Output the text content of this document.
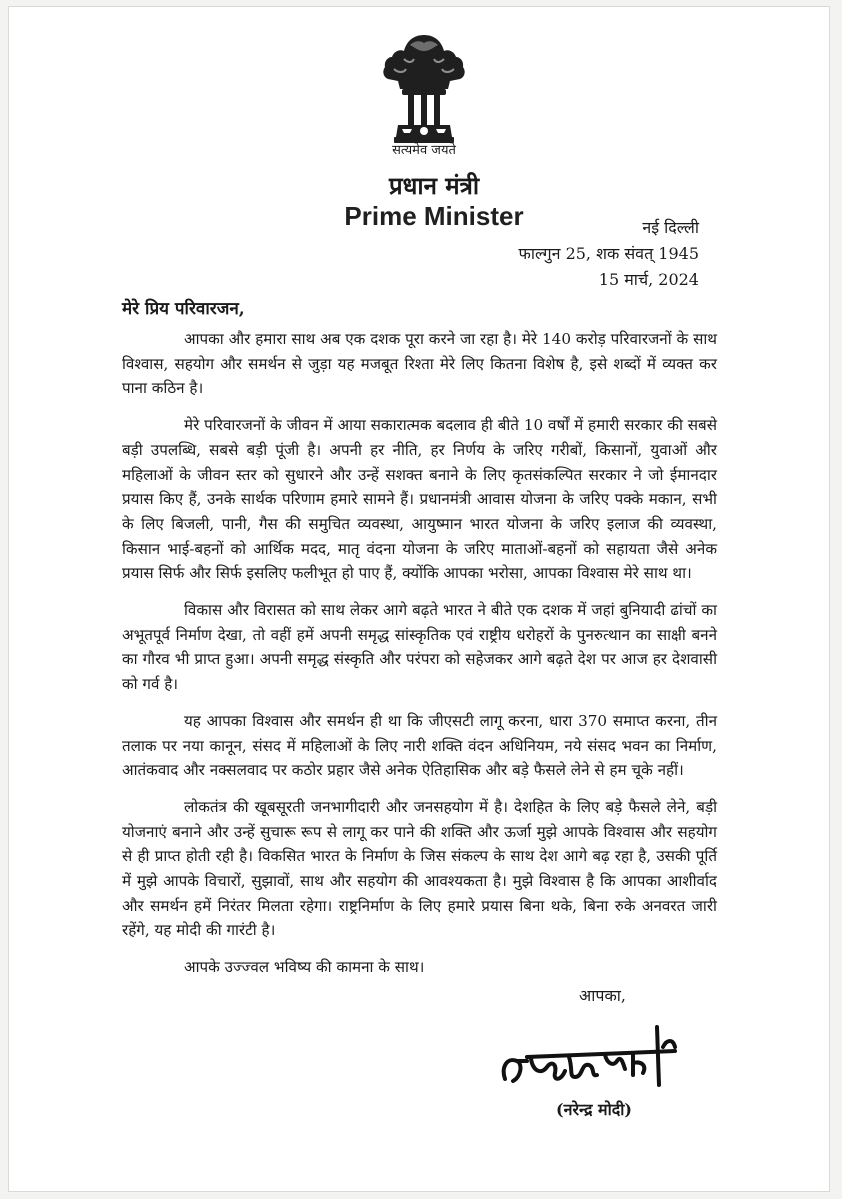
सत्यमेव जयते
प्रधान मंत्री
Prime Minister	नई दिल्ली
फाल्गुन 25, शक संवत् 1945
15 मार्च, 2024
मेरे प्रिय परिवारजन,

आपका और हमारा साथ अब एक दशक पूरा करने जा रहा है। मेरे 140 करोड़ परिवारजनों के साथ विश्वास, सहयोग और समर्थन से जुड़ा यह मजबूत रिश्ता मेरे लिए कितना विशेष है, इसे शब्दों में व्यक्त कर पाना कठिन है।

मेरे परिवारजनों के जीवन में आया सकारात्मक बदलाव ही बीते 10 वर्षों में हमारी सरकार की सबसे बड़ी उपलब्धि, सबसे बड़ी पूंजी है। अपनी हर नीति, हर निर्णय के जरिए गरीबों, किसानों, युवाओं और महिलाओं के जीवन स्तर को सुधारने और उन्हें सशक्त बनाने के लिए कृतसंकल्पित सरकार ने जो ईमानदार प्रयास किए हैं, उनके सार्थक परिणाम हमारे सामने हैं। प्रधानमंत्री आवास योजना के जरिए पक्के मकान, सभी के लिए बिजली, पानी, गैस की समुचित व्यवस्था, आयुष्मान भारत योजना के जरिए इलाज की व्यवस्था, किसान भाई-बहनों को आर्थिक मदद, मातृ वंदना योजना के जरिए माताओं-बहनों को सहायता जैसे अनेक प्रयास सिर्फ और सिर्फ इसलिए फलीभूत हो पाए हैं, क्योंकि आपका भरोसा, आपका विश्वास मेरे साथ था।

विकास और विरासत को साथ लेकर आगे बढ़ते भारत ने बीते एक दशक में जहां बुनियादी ढांचों का अभूतपूर्व निर्माण देखा, तो वहीं हमें अपनी समृद्ध सांस्कृतिक एवं राष्ट्रीय धरोहरों के पुनरुत्थान का साक्षी बनने का गौरव भी प्राप्त हुआ। अपनी समृद्ध संस्कृति और परंपरा को सहेजकर आगे बढ़ते देश पर आज हर देशवासी को गर्व है।

यह आपका विश्वास और समर्थन ही था कि जीएसटी लागू करना, धारा 370 समाप्त करना, तीन तलाक पर नया कानून, संसद में महिलाओं के लिए नारी शक्ति वंदन अधिनियम, नये संसद भवन का निर्माण, आतंकवाद और नक्सलवाद पर कठोर प्रहार जैसे अनेक ऐतिहासिक और बड़े फैसले लेने से हम चूके नहीं।

लोकतंत्र की खूबसूरती जनभागीदारी और जनसहयोग में है। देशहित के लिए बड़े फैसले लेने, बड़ी योजनाएं बनाने और उन्हें सुचारू रूप से लागू कर पाने की शक्ति और ऊर्जा मुझे आपके विश्वास और सहयोग से ही प्राप्त होती रही है। विकसित भारत के निर्माण के जिस संकल्प के साथ देश आगे बढ़ रहा है, उसकी पूर्ति में मुझे आपके विचारों, सुझावों, साथ और सहयोग की आवश्यकता है। मुझे विश्वास है कि आपका आशीर्वाद और समर्थन हमें निरंतर मिलता रहेगा। राष्ट्रनिर्माण के लिए हमारे प्रयास बिना थके, बिना रुके अनवरत जारी रहेंगे, यह मोदी की गारंटी है।

आपके उज्ज्वल भविष्य की कामना के साथ।

आपका,
(नरेन्द्र मोदी)
